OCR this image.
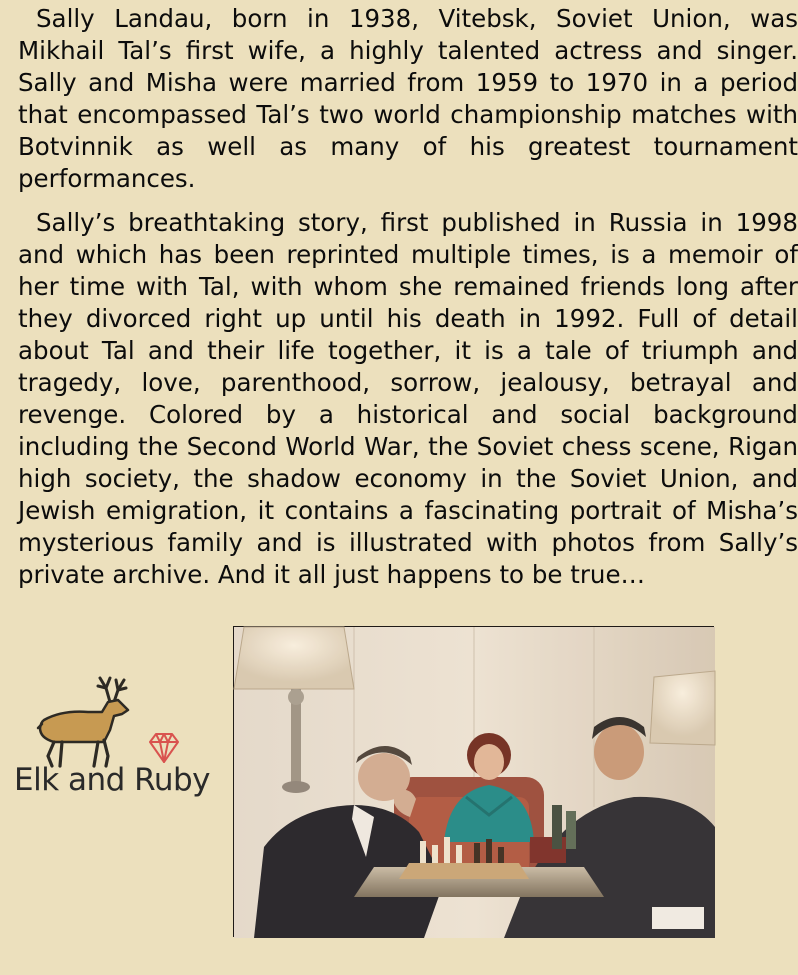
Sally Landau, born in 1938, Vitebsk, Soviet Union, was Mikhail Tal’s first wife, a highly talented actress and singer. Sally and Misha were married from 1959 to 1970 in a period that encompassed Tal’s two world championship matches with Botvinnik as well as many of his greatest tournament performances.

Sally’s breathtaking story, first published in Russia in 1998 and which has been reprinted multiple times, is a memoir of her time with Tal, with whom she remained friends long after they divorced right up until his death in 1992. Full of detail about Tal and their life together, it is a tale of triumph and tragedy, love, parenthood, sorrow, jealousy, betrayal and revenge. Colored by a historical and social background including the Second World War, the Soviet chess scene, Rigan high society, the shadow economy in the Soviet Union, and Jewish emigration, it contains a fascinating portrait of Misha’s mysterious family and is illustrated with photos from Sally’s private archive. And it all just happens to be true…

Elk and Ruby
